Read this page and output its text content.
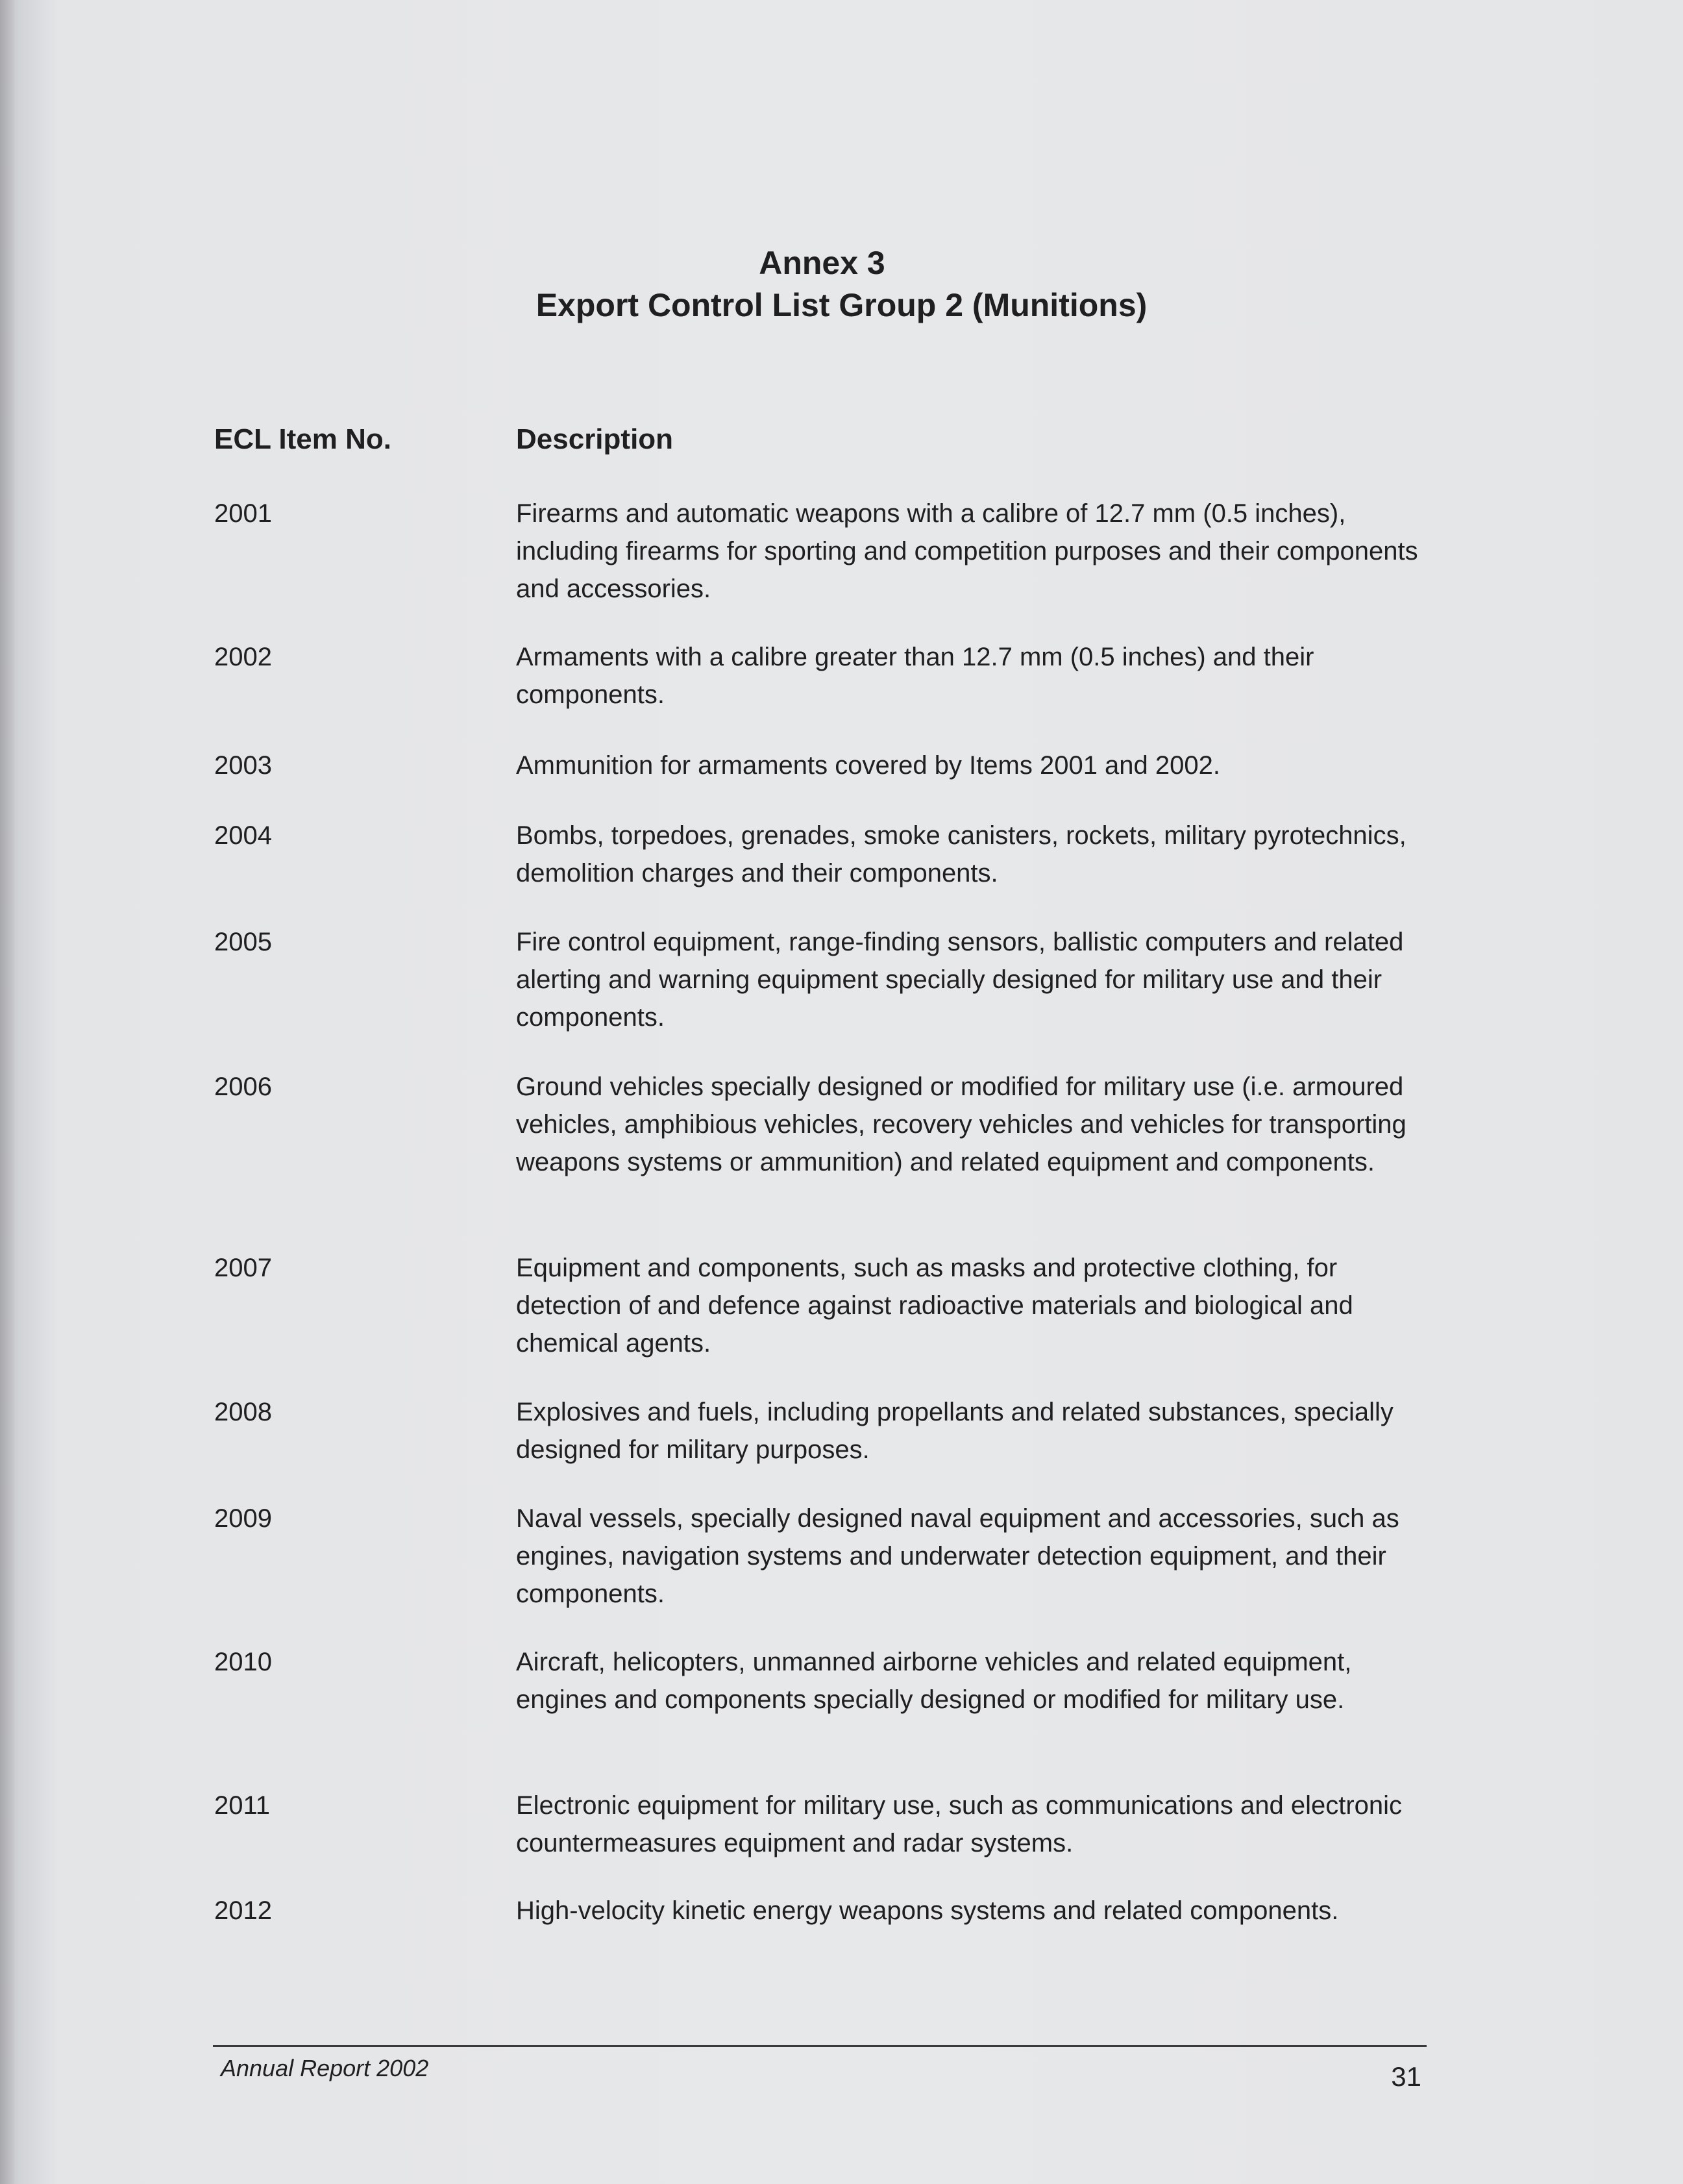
Annex 3
Export Control List Group 2 (Munitions)
ECL Item No.	Description
2001	Firearms and automatic weapons with a calibre of 12.7 mm (0.5 inches), including firearms for sporting and competition purposes and their components and accessories.
2002	Armaments with a calibre greater than 12.7 mm (0.5 inches) and their components.
2003	Ammunition for armaments covered by Items 2001 and 2002.
2004	Bombs, torpedoes, grenades, smoke canisters, rockets, military pyrotechnics, demolition charges and their components.
2005	Fire control equipment, range-finding sensors, ballistic computers and related alerting and warning equipment specially designed for military use and their components.
2006	Ground vehicles specially designed or modified for military use (i.e. armoured vehicles, amphibious vehicles, recovery vehicles and vehicles for transporting weapons systems or ammunition) and related equipment and components.
2007	Equipment and components, such as masks and protective clothing, for detection of and defence against radioactive materials and biological and chemical agents.
2008	Explosives and fuels, including propellants and related substances, specially designed for military purposes.
2009	Naval vessels, specially designed naval equipment and accessories, such as engines, navigation systems and underwater detection equipment, and their components.
2010	Aircraft, helicopters, unmanned airborne vehicles and related equipment, engines and components specially designed or modified for military use.
2011	Electronic equipment for military use, such as communications and electronic countermeasures equipment and radar systems.
2012	High-velocity kinetic energy weapons systems and related components.
Annual Report 2002	31
